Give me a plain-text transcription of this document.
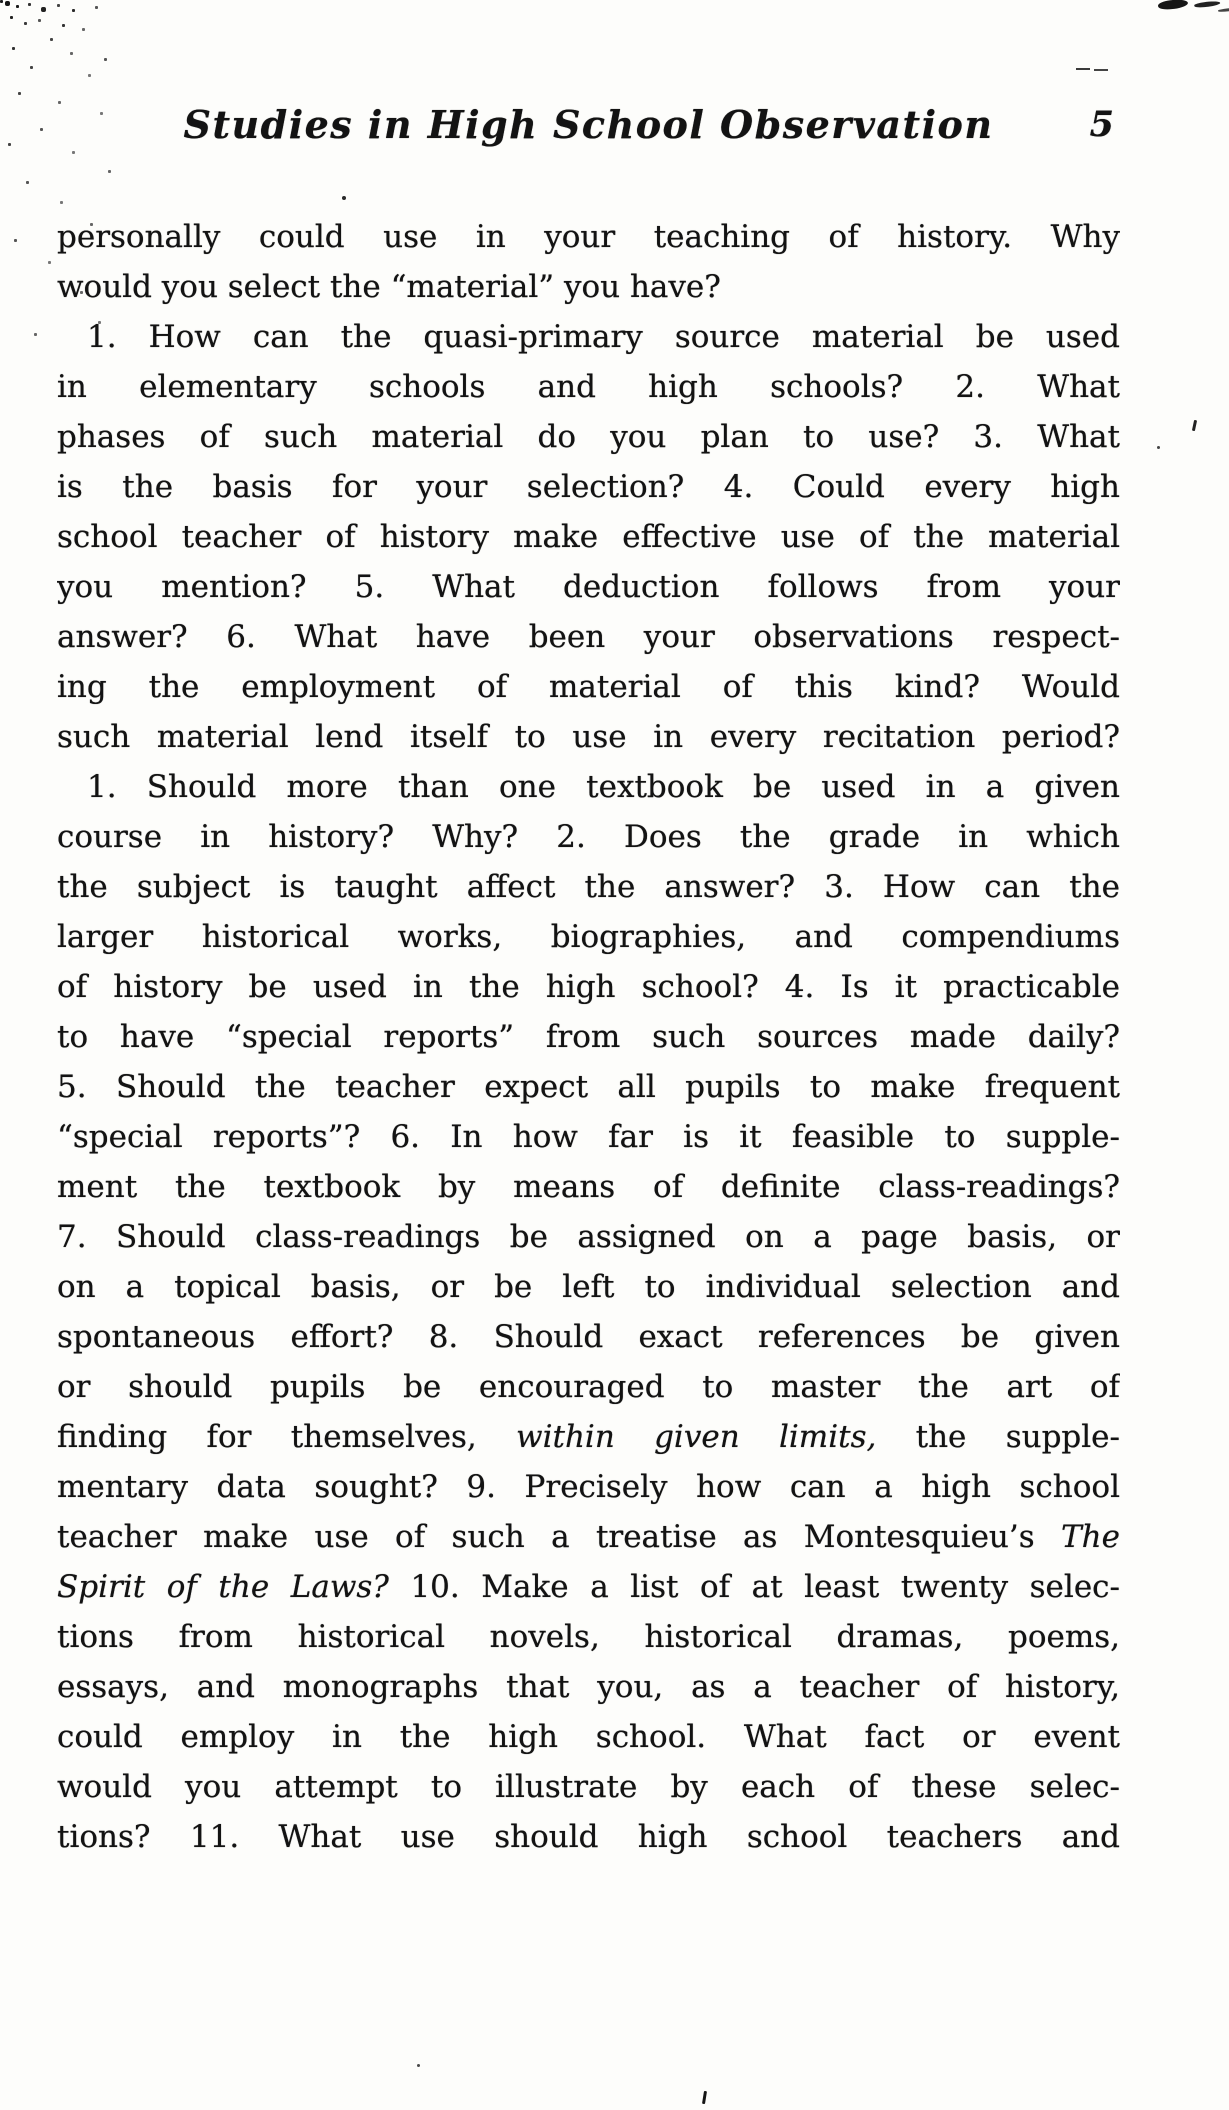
Studies in High School Observation	5
personally could use in your teaching of history. Why
would you select the “material” you have?
1. How can the quasi-primary source material be used
in elementary schools and high schools? 2. What
phases of such material do you plan to use? 3. What
is the basis for your selection? 4. Could every high
school teacher of history make effective use of the material
you mention? 5. What deduction follows from your
answer? 6. What have been your observations respect-
ing the employment of material of this kind? Would
such material lend itself to use in every recitation period?
1. Should more than one textbook be used in a given
course in history? Why? 2. Does the grade in which
the subject is taught affect the answer? 3. How can the
larger historical works, biographies, and compendiums
of history be used in the high school? 4. Is it practicable
to have “special reports” from such sources made daily?
5. Should the teacher expect all pupils to make frequent
“special reports”? 6. In how far is it feasible to supple-
ment the textbook by means of definite class-readings?
7. Should class-readings be assigned on a page basis, or
on a topical basis, or be left to individual selection and
spontaneous effort? 8. Should exact references be given
or should pupils be encouraged to master the art of
finding for themselves, within given limits, the supple-
mentary data sought? 9. Precisely how can a high school
teacher make use of such a treatise as Montesquieu’s The
Spirit of the Laws? 10. Make a list of at least twenty selec-
tions from historical novels, historical dramas, poems,
essays, and monographs that you, as a teacher of history,
could employ in the high school. What fact or event
would you attempt to illustrate by each of these selec-
tions? 11. What use should high school teachers and
